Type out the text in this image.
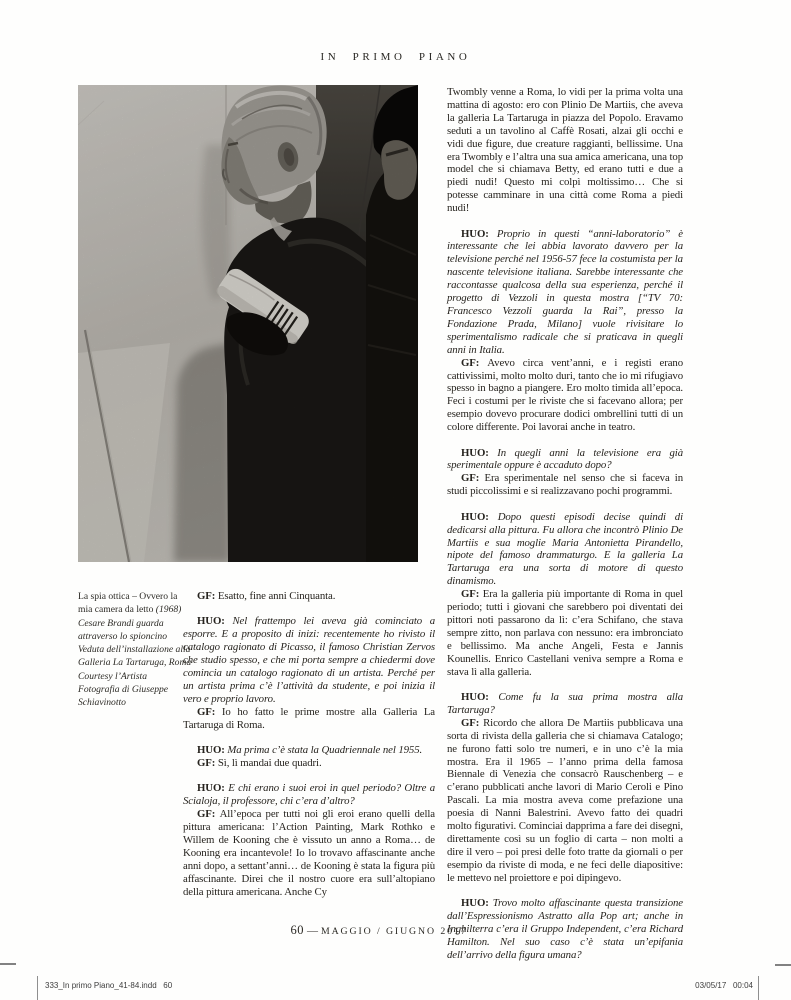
IN PRIMO PIANO
La spia ottica – Ovvero la mia camera da letto (1968)
Cesare Brandi guarda attraverso lo spioncino
Veduta dell’installazione alla Galleria La Tartaruga, Roma
Courtesy l’Artista
Fotografia di Giuseppe Schiavinotto

GF: Esatto, fine anni Cinquanta.

HUO: Nel frattempo lei aveva già cominciato a esporre. E a proposito di inizi: recentemente ho rivisto il catalogo ragionato di Picasso, il famoso Christian Zervos che studio spesso, e che mi porta sempre a chiedermi dove comincia un catalogo ragionato di un artista. Perché per un artista prima c’è l’attività da studente, e poi inizia il vero e proprio lavoro.

GF: Io ho fatto le prime mostre alla Galleria La Tartaruga di Roma.

HUO: Ma prima c’è stata la Quadriennale nel 1955.

GF: Sì, lì mandai due quadri.

HUO: E chi erano i suoi eroi in quel periodo? Oltre a Scialoja, il professore, chi c’era d’altro?

GF: All’epoca per tutti noi gli eroi erano quelli della pittura americana: l’Action Painting, Mark Rothko e Willem de Kooning che è vissuto un anno a Roma… de Kooning era incantevole! Io lo trovavo affascinante anche anni dopo, a settant’anni… de Kooning è stata la figura più affascinante. Direi che il nostro cuore era sull’altopiano della pittura americana. Anche Cy

Twombly venne a Roma, lo vidi per la prima volta una mattina di agosto: ero con Plinio De Martiis, che aveva la galleria La Tartaruga in piazza del Popolo. Eravamo seduti a un tavolino al Caffè Rosati, alzai gli occhi e vidi due figure, due creature raggianti, bellissime. Una era Twombly e l’altra una sua amica americana, una top model che si chiamava Betty, ed erano tutti e due a piedi nudi! Questo mi colpì moltissimo… Che si potesse camminare in una città come Roma a piedi nudi!

HUO: Proprio in questi “anni-laboratorio” è interessante che lei abbia lavorato davvero per la televisione perché nel 1956-57 fece la costumista per la nascente televisione italiana. Sarebbe interessante che raccontasse qualcosa della sua esperienza, perché il progetto di Vezzoli in questa mostra [“TV 70: Francesco Vezzoli guarda la Rai”, presso la Fondazione Prada, Milano] vuole rivisitare lo sperimentalismo radicale che si praticava in quegli anni in Italia.

GF: Avevo circa vent’anni, e i registi erano cattivissimi, molto molto duri, tanto che io mi rifugiavo spesso in bagno a piangere. Ero molto timida all’epoca. Feci i costumi per le riviste che si facevano allora; per esempio dovevo procurare dodici ombrellini tutti di un colore differente. Poi lavorai anche in teatro.

HUO: In quegli anni la televisione era già sperimentale oppure è accaduto dopo?

GF: Era sperimentale nel senso che si faceva in studi piccolissimi e si realizzavano pochi programmi.

HUO: Dopo questi episodi decise quindi di dedicarsi alla pittura. Fu allora che incontrò Plinio De Martiis e sua moglie Maria Antonietta Pirandello, nipote del famoso drammaturgo. E la galleria La Tartaruga era una sorta di motore di questo dinamismo.

GF: Era la galleria più importante di Roma in quel periodo; tutti i giovani che sarebbero poi diventati dei pittori noti passarono da lì: c’era Schifano, che stava sempre zitto, non parlava con nessuno: era imbronciato e bellissimo. Ma anche Angeli, Festa e Jannis Kounellis. Enrico Castellani veniva sempre a Roma e stava lì alla galleria.

HUO: Come fu la sua prima mostra alla Tartaruga?

GF: Ricordo che allora De Martiis pubblicava una sorta di rivista della galleria che si chiamava Catalogo; ne furono fatti solo tre numeri, e in uno c’è la mia mostra. Era il 1965 – l’anno prima della famosa Biennale di Venezia che consacrò Rauschenberg – e c’erano pubblicati anche lavori di Mario Ceroli e Pino Pascali. La mia mostra aveva come prefazione una poesia di Nanni Balestrini. Avevo fatto dei quadri molto figurativi. Cominciai dapprima a fare dei disegni, direttamente così su un foglio di carta – non molti a dire il vero – poi presi delle foto tratte da giornali o per esempio da riviste di moda, e ne feci delle diapositive: le mettevo nel proiettore e poi dipingevo.

HUO: Trovo molto affascinante questa transizione dall’Espressionismo Astratto alla Pop art; anche in Inghilterra c’era il Gruppo Independent, c’era Richard Hamilton. Nel suo caso c’è stata un’epifania dell’arrivo della figura umana?

60 — MAGGIO / GIUGNO 2017
333_In primo Piano_41-84.indd   60	03/05/17   00:04
